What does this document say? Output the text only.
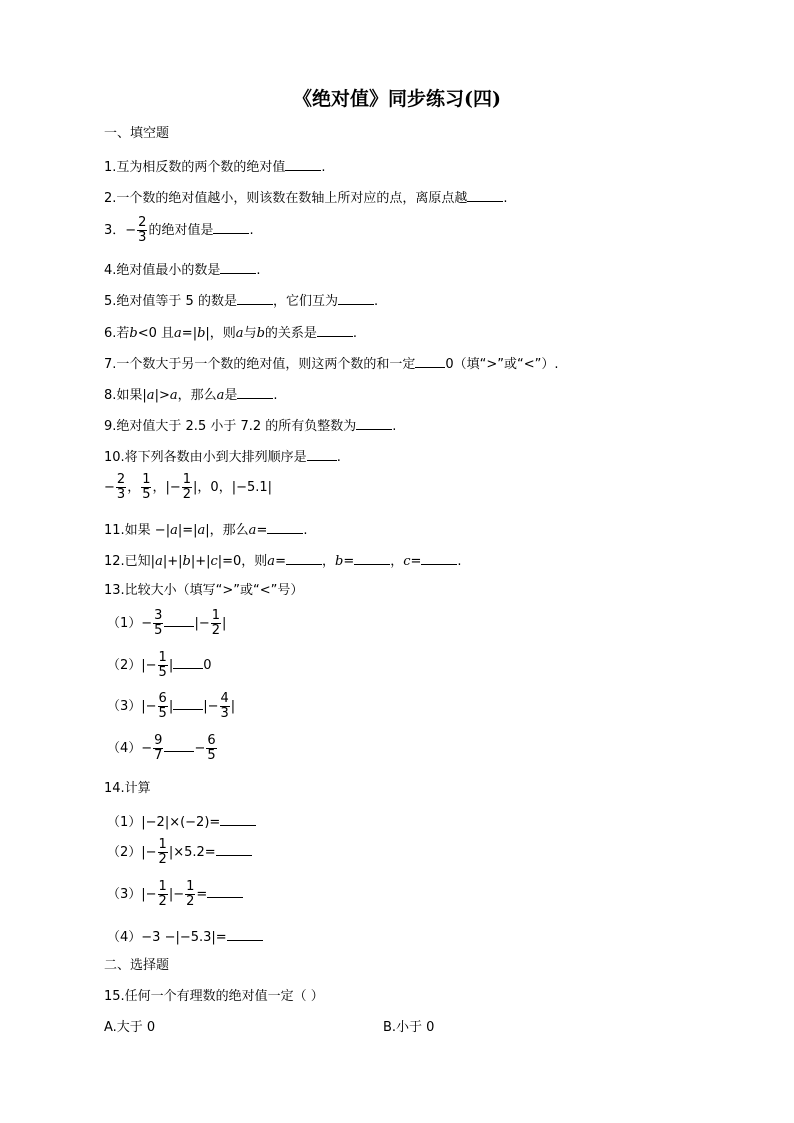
《绝对值》同步练习(四)
一、填空题
1.互为相反数的两个数的绝对值	.
2.一个数的绝对值越小，则该数在数轴上所对应的点，离原点越	.
3．− $\frac{2}{3}$ 的绝对值是	.
4.绝对值最小的数是	.
5.绝对值等于 5 的数是	，它们互为	.
6.若b<0 且a=|b|，则a与b的关系是	.
7.一个数大于另一个数的绝对值，则这两个数的和一定 0（填“>”或“<”）.
8.如果|a|>a，那么a是	.
9.绝对值大于 2.5 小于 7.2 的所有负整数为	.
10.将下列各数由小到大排列顺序是 .
− $\frac{2}{3}$ ， $\frac{1}{5}$ ，|− $\frac{1}{2}$ |，0，|−5.1|
11.如果 −|a|=|a|，那么a=	.
12.已知|a|+|b|+|c|=0，则a=	，b=	，c=	.
13.比较大小（填写“>”或“<”号）
$(1)- \frac{3}{5}$ |− $\frac{1}{2}$ |
$(2)|- \frac{1}{5}$ | 0
$(3)|- \frac{6}{5}$ | |− $\frac{4}{3}$ |
$(4)- \frac{9}{7} - \frac{6}{5}$
14.计算
（1）|−2|×(−2)=
$(2)|- \frac{1}{2} |\times 5.2=$
$(3)|- \frac{1}{2}$ |− $\frac{1}{2}$ =
（4）−3 −|−5.3|=
二、选择题
15.任何一个有理数的绝对值一定（ ）
A.大于 0	B.小于 0
